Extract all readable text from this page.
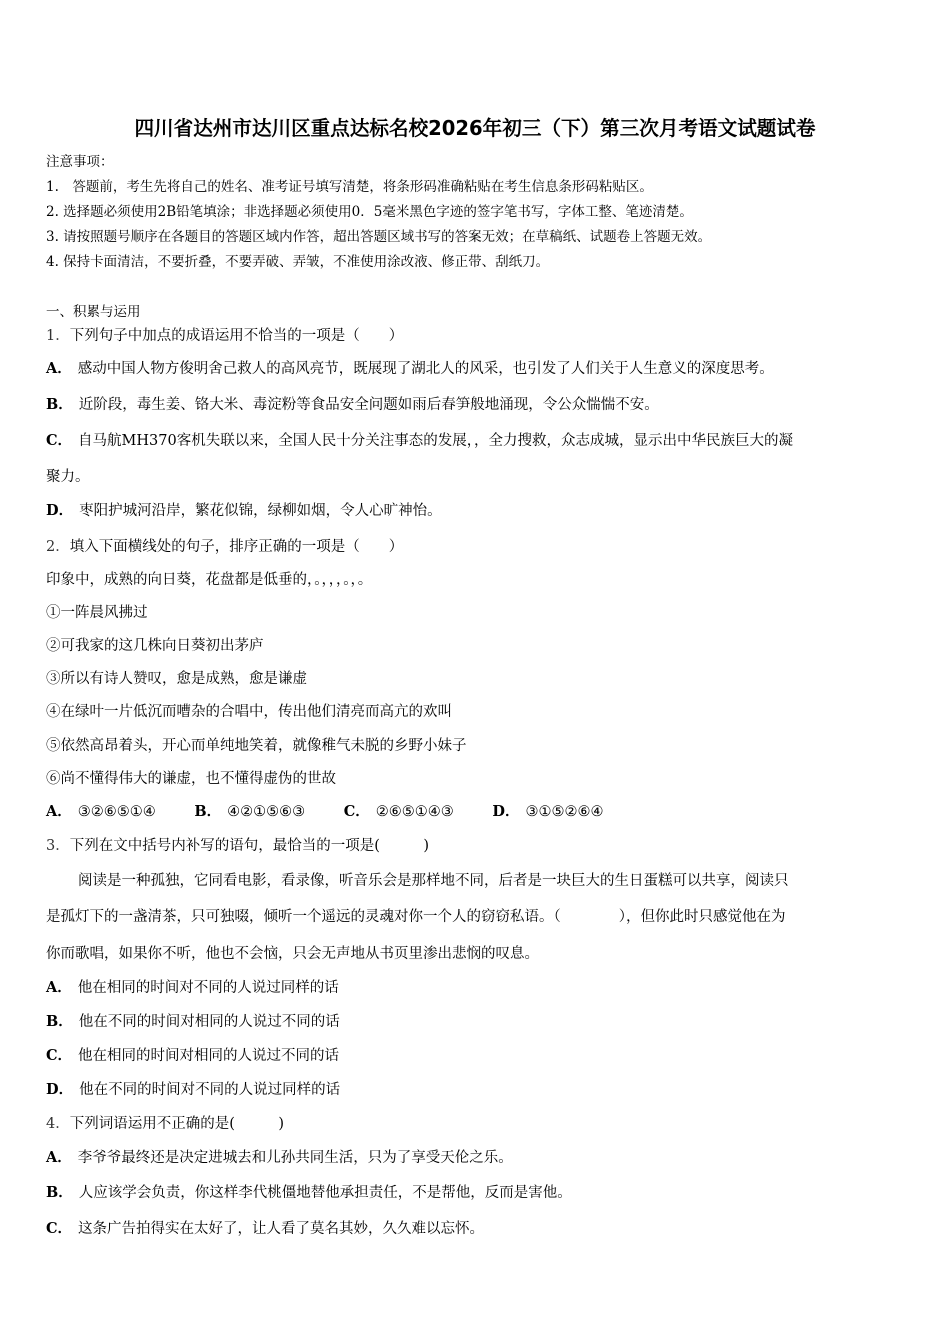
四川省达州市达川区重点达标名校2026年初三（下）第三次月考语文试题试卷
注意事项：
1.　答题前，考生先将自己的姓名、准考证号填写清楚，将条形码准确粘贴在考生信息条形码粘贴区。
2. 选择题必须使用2B铅笔填涂；非选择题必须使用0．5毫米黑色字迹的签字笔书写，字体工整、笔迹清楚。
3. 请按照题号顺序在各题目的答题区域内作答，超出答题区域书写的答案无效；在草稿纸、试题卷上答题无效。
4. 保持卡面清洁，不要折叠，不要弄破、弄皱，不准使用涂改液、修正带、刮纸刀。
一、积累与运用
1．下列句子中加点的成语运用不恰当的一项是（　　）
A． 感动中国人物方俊明舍己救人的高风亮节，既展现了湖北人的风采，也引发了人们关于人生意义的深度思考。
B． 近阶段，毒生姜、铬大米、毒淀粉等食品安全问题如雨后春笋般地涌现，令公众惴惴不安。
C． 自马航MH370客机失联以来，全国人民十分关注事态的发展，，全力搜救，众志成城，显示出中华民族巨大的凝
聚力。
D． 枣阳护城河沿岸，繁花似锦，绿柳如烟，令人心旷神怡。
2．填入下面横线处的句子，排序正确的一项是（　　）
印象中，成熟的向日葵，花盘都是低垂的，。，，，。，。
①一阵晨风拂过
②可我家的这几株向日葵初出茅庐
③所以有诗人赞叹，愈是成熟，愈是谦虚
④在绿叶一片低沉而嘈杂的合唱中，传出他们清亮而高亢的欢叫
⑤依然高昂着头，开心而单纯地笑着，就像稚气未脱的乡野小妹子
⑥尚不懂得伟大的谦虚，也不懂得虚伪的世故
A． ③②⑥⑤①④	B． ④②①⑤⑥③	C． ②⑥⑤①④③	D． ③①⑤②⑥④
3．下列在文中括号内补写的语句，最恰当的一项是(　　　)
阅读是一种孤独，它同看电影，看录像，听音乐会是那样地不同，后者是一块巨大的生日蛋糕可以共享，阅读只
是孤灯下的一盏清茶，只可独啜，倾听一个遥远的灵魂对你一个人的窃窃私语。（　　　　），但你此时只感觉他在为
你而歌唱，如果你不听，他也不会恼，只会无声地从书页里渗出悲悯的叹息。
A． 他在相同的时间对不同的人说过同样的话
B． 他在不同的时间对相同的人说过不同的话
C． 他在相同的时间对相同的人说过不同的话
D． 他在不同的时间对不同的人说过同样的话
4．下列词语运用不正确的是(　　　)
A． 李爷爷最终还是决定进城去和儿孙共同生活，只为了享受天伦之乐。
B． 人应该学会负责，你这样李代桃僵地替他承担责任，不是帮他，反而是害他。
C． 这条广告拍得实在太好了，让人看了莫名其妙，久久难以忘怀。
